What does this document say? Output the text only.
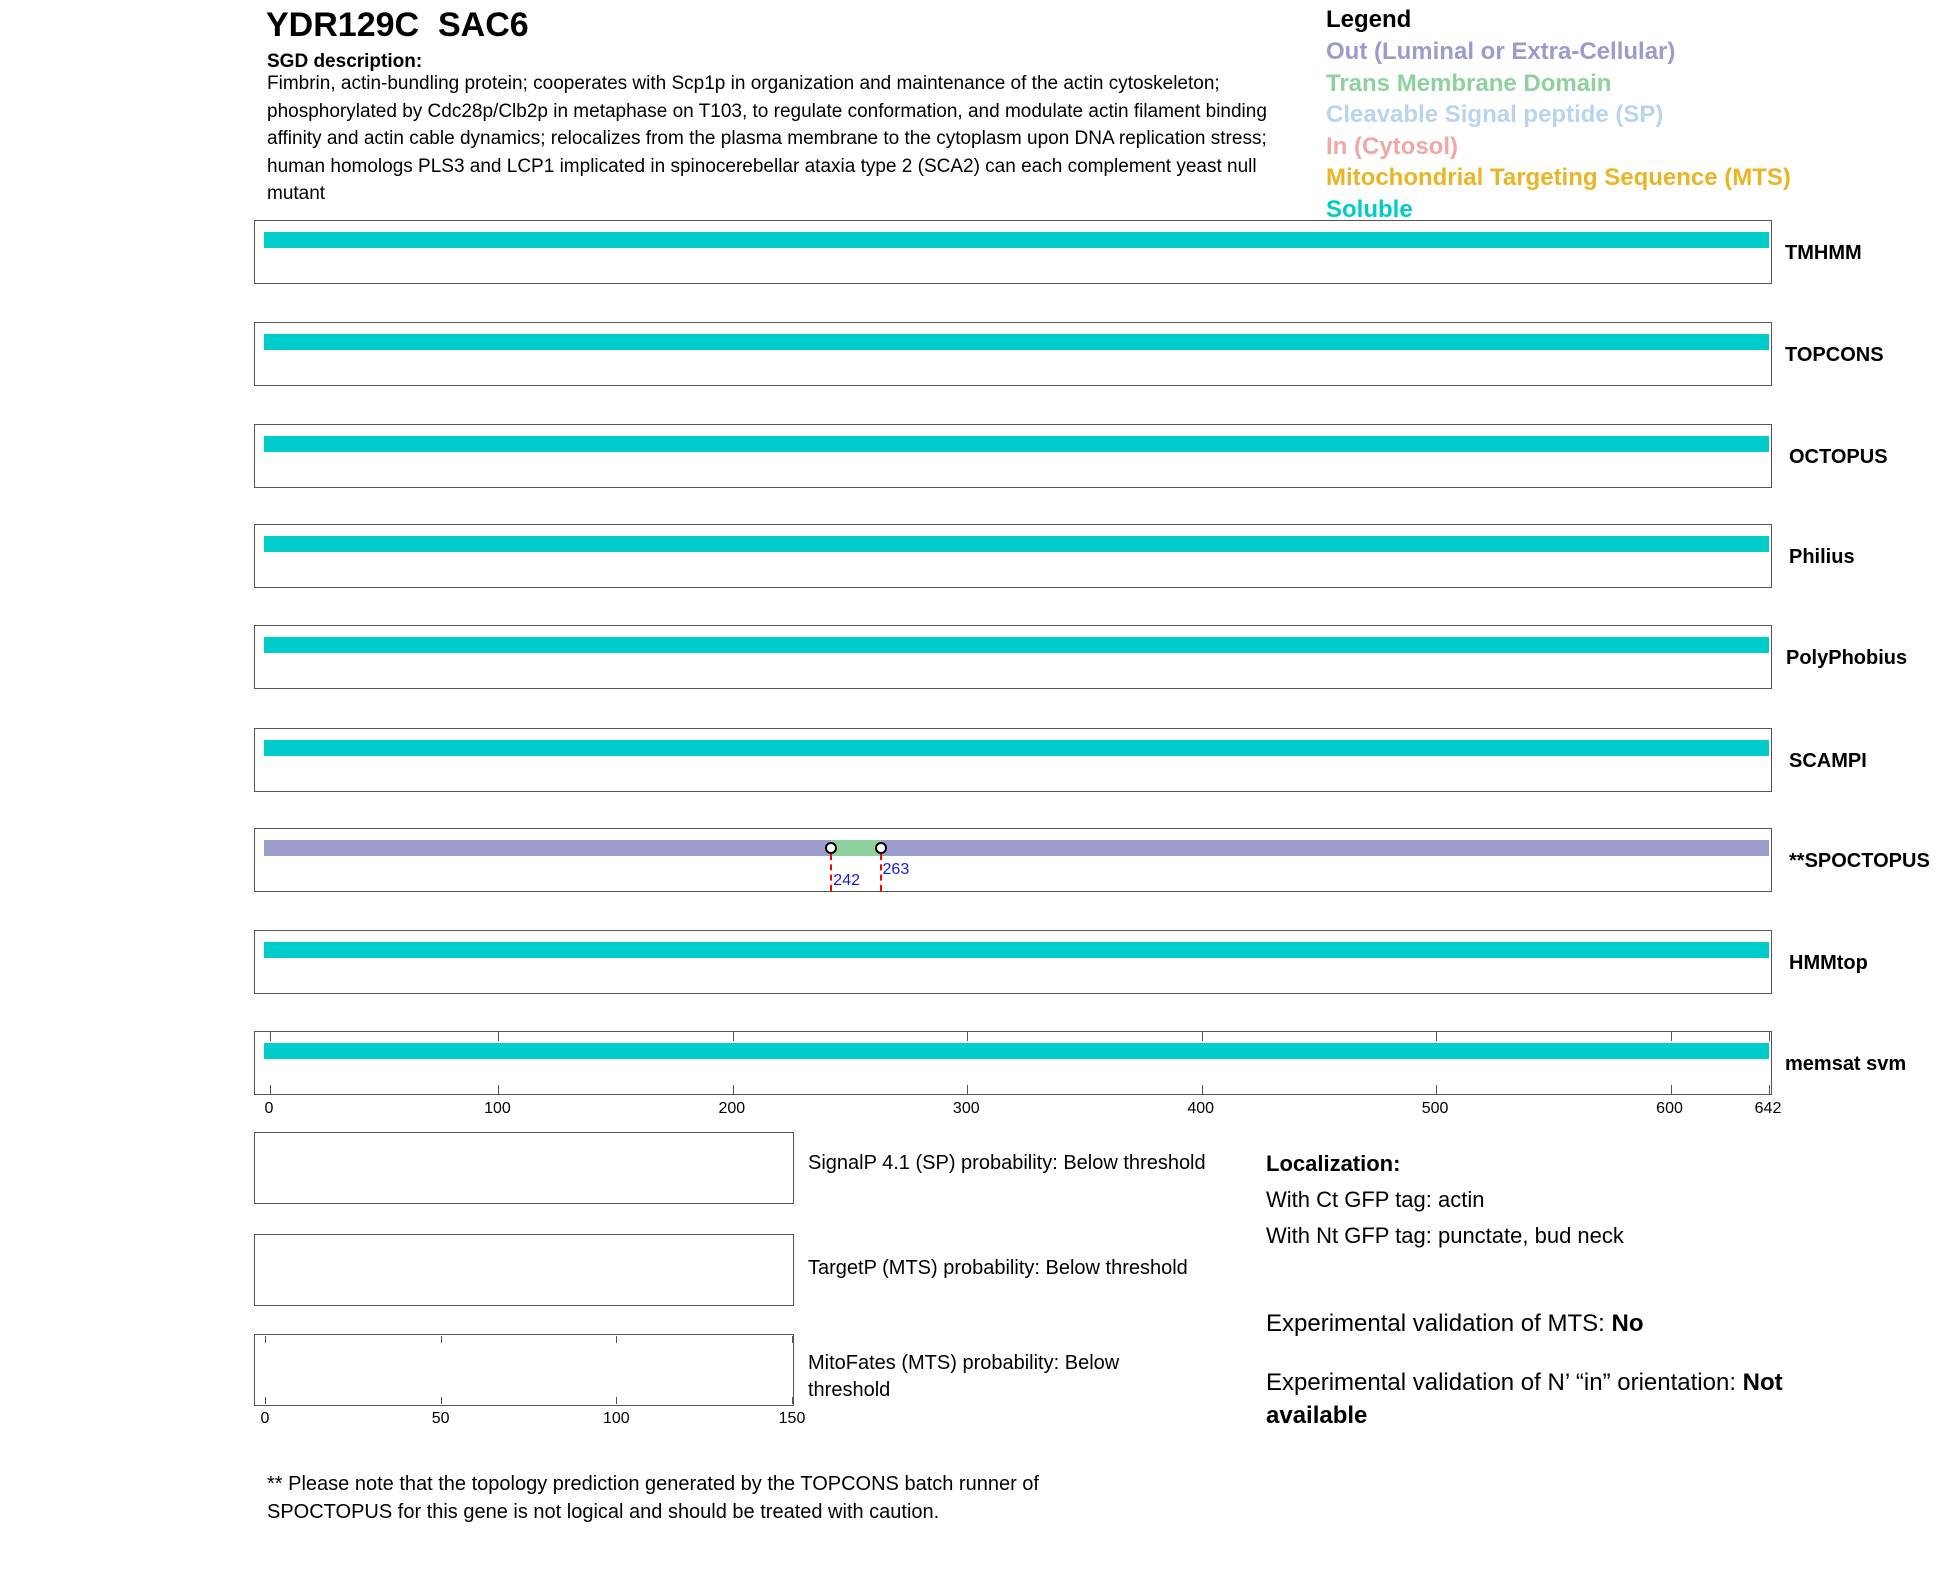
YDR129C  SAC6
SGD description:
Fimbrin, actin-bundling protein; cooperates with Scp1p in organization and maintenance of the actin cytoskeleton; phosphorylated by Cdc28p/Clb2p in metaphase on T103, to regulate conformation, and modulate actin filament binding affinity and actin cable dynamics; relocalizes from the plasma membrane to the cytoplasm upon DNA replication stress; human homologs PLS3 and LCP1 implicated in spinocerebellar ataxia type 2 (SCA2) can each complement yeast null mutant
Legend
Out (Luminal or Extra-Cellular)
Trans Membrane Domain
Cleavable Signal peptide (SP)
In (Cytosol)
Mitochondrial Targeting Sequence (MTS)
Soluble
TMHMM
TOPCONS
OCTOPUS
Philius
PolyPhobius
SCAMPI
242
263	**SPOCTOPUS
HMMtop
0	100	200	300	400	500	600	642
memsat svm
SignalP 4.1 (SP) probability: Below threshold
TargetP (MTS) probability: Below threshold
MitoFates (MTS) probability: Below threshold
0	50	100	150
Localization:
With Ct GFP tag: actin
With Nt GFP tag: punctate, bud neck
Experimental validation of MTS: No
Experimental validation of N’ “in” orientation: Not available
** Please note that the topology prediction generated by the TOPCONS batch runner of SPOCTOPUS for this gene is not logical and should be treated with caution.
